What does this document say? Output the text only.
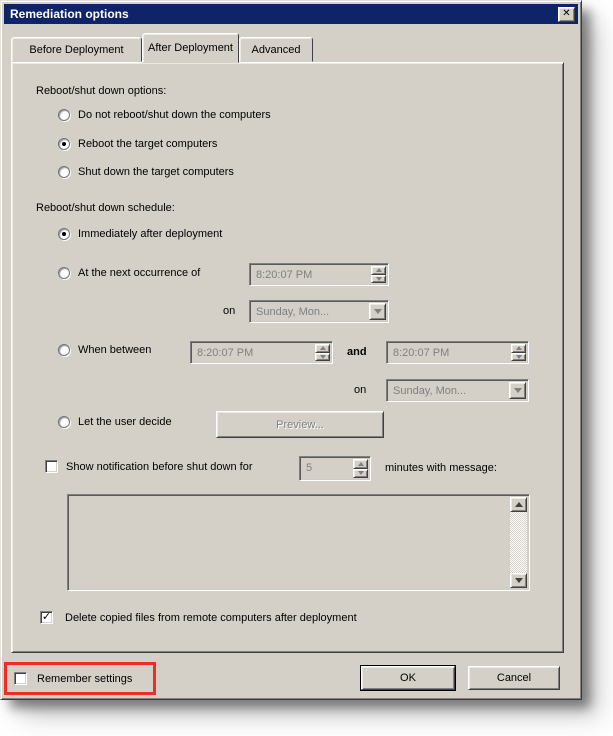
Remediation options	✕
Before Deployment After Deployment Advanced
Reboot/shut down options:
Do not reboot/shut down the computers
Reboot the target computers
Shut down the target computers
Reboot/shut down schedule:
Immediately after deployment
At the next occurrence of	8:20:07 PM
on	Sunday, Mon...
When between	8:20:07 PM	and	8:20:07 PM
on	Sunday, Mon...
Let the user decide	Preview...
Show notification before shut down for	5	minutes with message:
✓ Delete copied files from remote computers after deployment
Remember settings	OK	Cancel
